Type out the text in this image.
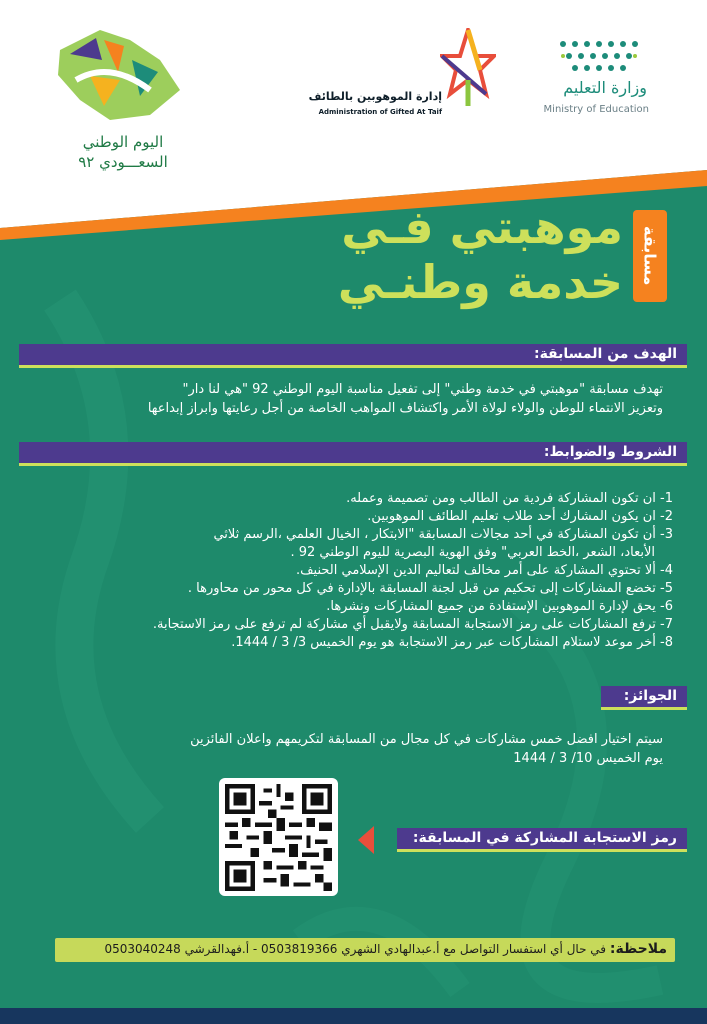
وزارة التعليم
Ministry of Education
إدارة الموهوبين بالطائف
Administration of Gifted At Taif
اليوم الوطني
السعـــودي ٩٢
مسابقة
موهبتي فـي
خدمة وطنـي
الهدف من المسابقة:
تهدف مسابقة "موهبتي في خدمة وطني" إلى تفعيل مناسبة اليوم الوطني 92 "هي لنا دار"
وتعزيز الانتماء للوطن والولاء لولاة الأمر واكتشاف المواهب الخاصة من أجل رعايتها وابراز إبداعها
الشروط والضوابط:
1- ان تكون المشاركة فردية من الطالب ومن تصميمة وعمله.
2- ان يكون المشارك أحد طلاب تعليم الطائف الموهوبين.
3- أن تكون المشاركة في أحد مجالات المسابقة "الابتكار ، الخيال العلمي ،الرسم ثلاثي
الأبعاد، الشعر ،الخط العربي" وفق الهوية البصرية لليوم الوطني 92 .
4- ألا تحتوي المشاركة على أمر مخالف لتعاليم الدين الإسلامي الحنيف.
5- تخضع المشاركات إلى تحكيم من قبل لجنة المسابقة بالإدارة في كل محور من محاورها .
6- يحق لإدارة الموهوبين الإستفادة من جميع المشاركات ونشرها.
7- ترفع المشاركات على رمز الاستجابة المسابقة ولايقبل أي مشاركة لم ترفع على رمز الاستجابة.
8- أخر موعد لاستلام المشاركات عبر رمز الاستجابة هو يوم الخميس 3/ 3 / 1444.
الجوائز:
سيتم اختيار افضل خمس مشاركات في كل مجال من المسابقة لتكريمهم واعلان الفائزين
يوم الخميس 10/ 3 / 1444
رمز الاستجابة المشاركة في المسابقة:
ملاحظة: في حال أي استفسار التواصل مع أ.عبدالهادي الشهري 0503819366 - أ.فهدالقرشي 0503040248
